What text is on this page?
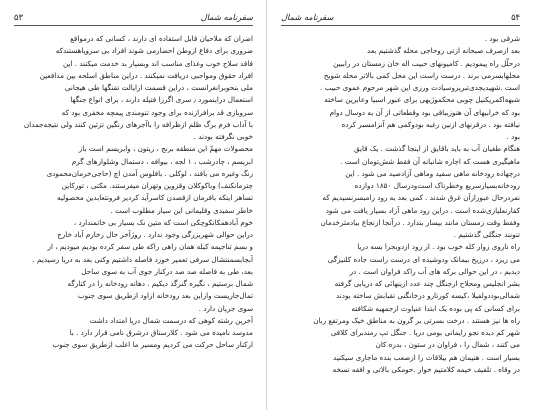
۵۳	سفرنامه شمال
اضران که ملاحیان قابل استفاده ای دارند ، کسانی که درمواقع
ضروری برای دفاع ازوطن احضارمی شوند افراد بی سروپاهستندکه
فاقد سلاح خوب وغذای مناسب اند وبسیار بد خدمت میکنند . این
افراد حقوق ومواجبی دریافت نمیکنند . دراین مناطق اسلحه بین مدافعین
ملی بنحوبرانغرانست ، دراین قسمت ازایالت تفنگها طی هیجانی
استعمال دراینمورد ٫ سری اگرزا فتیله دارند ، برای انواع جنگها
سروبازی قد برافرازنده برای وجود تنومندی پیمچه مخفری بود که
با آداب فرم برگ ظلم ازظرافه را باآجرهای رنگین تزئین کنند ولی نتیجه‌جمدان
خوبی نگرفته بودند .
محصولات مهمّ این منطقه برنج ، زیتون ، وابریسم است باز
ابریسم ، چادرشب ، ۱ لجه ، بیوافه ، دستمال وشلوارهای گرم
رنگ وغیره می بافند ، لوکلی . بافلوس آمدن اچ (حاجی‌خرمان‌محمودی
چترمانکنف) وباکوکلان وقزوین وتهران میفرستند. مکتی ، تورکاین
تساهز اینکه بافرمان ازقصدن کاسرآید کردیر فرونتعابدین محصولیه
خاطر سفیدی وقلیمانی این سیار مطلوب است .
خوم آبادهمکانکوچکی است که متین نک بسیار بی خاتمندارد ،
دراین حوالی شهربزرگی وجود ندارد . روژآخر حال زخارم آباد خارج
و بسم تناجیمه کیله همان راهی راکه طی سفر کرده بودیم میودیم ، از
آبجابسمنتشال سرفی تعمیر خورد فاصله داشتیم وکنی بعد به دریا رسیدیم .
بعد، طی به فاصله صد صد درکنار جوی آب به سوی ساحل
شمال برستیم ، نگیره گنرگذ دیکیم . دهانه رودخانه را در کنارگه
تمال‌جاریست وازاین بعد رودخانه ازاود ازطریق سوی جنوب
سوی جریان دارد .
آخرین رشته کوهی که درسمت شمال دریا امتداد داشت
مدوسد نامیده می شود . کلارستاق درشرق نامی قرار دارد . با
ارکنار ساحل حرکت می کردیم ومسیر ما اغلب ازطریق سوی جنوب
سفرنامه شمال	۵۴
شرقی بود .
بعد ازصرف صبحانه ازتی روحاجی محله گذشتیم بعد
درحلّل راه پیمودیم . کامیونهای حبیب اله خان زمستان در راببین
محلها‌بسرمی برند . درست راست این محل کمی بالاتر محله شویح
است .شهیدیجدی‌تبریزوسیادت ورزی این شهر مرحوم عموی حبیب .
شبهه‌اکمریکنیل چوبی محکموژیهی برای عبور اسبیا وعابرین ساخته
بود که خرابیهای آن هنوزبباقی بود وقطعاتی از آن به دوسال دوام
نیافته بود . درقرنهای ازنین رغبه بودوکمی هم آنزامسبر کرده
بود .
هنگام طغیان آب به باید باقایق از اینجا گذشت . یک قایق
ماهیگیری هست که اجاره شانبانه آن فقط شش‌تومان است .
درچهاده رودخانه ماهی سفید وماهی آزادصید می شود . این
رودخانه‌بسیارسریع وخطرناک است‌ودرسال ۱۸۵۰ دوازده
نفردرحال عبورازآن غرق شدند . کمی بعد به رود رامبسرنسیدیم که
کفارنعلیاری‌شده است . دراین رود ماهی آزاد بسیار یافت می شود
وفقط وقت زمستان مانند بیسار بندارد . درآنجا ازنجاع بیادمثرخدمان
تنونند جنگلی گذشتیم .
راه ناروی زوار کله خوب بود . از رود ازدوبجرا بسه دریا
می ریزد ، درزیخ بیمانک ودوشیده ای درست راست جاده کلنیزگی
دیدیم ، در این حوالی برکه های آب راکد فراوان است . در
بشر انجلیس ومحلاح ازجنگل چند عدد ازینهائی که دریابی گرفته
شمالی‌بود‌‌دولفیلا ،کیسه کورتارو درخانگنی تقبابش ساخته بودند
برای کسانی که پی بوده یک ابتدا عنیاوت ازجمهیه شکافته
راه ها نیز هستند . درخت بسرتی بر گرون به مناطق خیک ومرتفع ربان
شهر کم دیده نجو رایمانی بومی دریا . جنگل تپ رمندبرای کلافی
می کنند ، شمال را ، فراوان در ستون ، بدره کان
بسیار است . هنیمان هم بیلاقات را ازصعب بنده ماجاری سیکنید
در وقاه . تلفیف خیمه کلامتیم خوار .حومکی بالاتی و افقه نسخه
